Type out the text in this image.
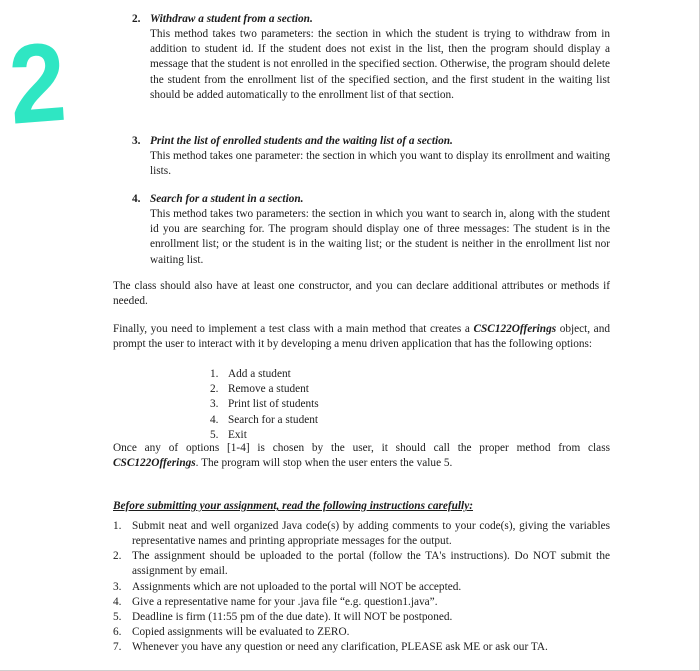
2	2. Withdraw a student from a section.

This method takes two parameters: the section in which the student is trying to withdraw from in addition to student id. If the student does not exist in the list, then the program should display a message that the student is not enrolled in the specified section. Otherwise, the program should delete the student from the enrollment list of the specified section, and the first student in the waiting list should be added automatically to the enrollment list of that section.

3. Print the list of enrolled students and the waiting list of a section.

This method takes one parameter: the section in which you want to display its enrollment and waiting lists.

4. Search for a student in a section.

This method takes two parameters: the section in which you want to search in, along with the student id you are searching for. The program should display one of three messages: The student is in the enrollment list; or the student is in the waiting list; or the student is neither in the enrollment list nor waiting list.

The class should also have at least one constructor, and you can declare additional attributes or methods if needed.

Finally, you need to implement a test class with a main method that creates a CSC122Offerings object, and prompt the user to interact with it by developing a menu driven application that has the following options:

1. Add a student
2. Remove a student
3. Print list of students
4. Search for a student
5. Exit

Once any of options [1-4] is chosen by the user, it should call the proper method from class CSC122Offerings. The program will stop when the user enters the value 5.

Before submitting your assignment, read the following instructions carefully:
1. Submit neat and well organized Java code(s) by adding comments to your code(s), giving the variables representative names and printing appropriate messages for the output.

2. The assignment should be uploaded to the portal (follow the TA's instructions). Do NOT submit the assignment by email.

3. Assignments which are not uploaded to the portal will NOT be accepted.

4. Give a representative name for your .java file “e.g. question1.java”.

5. Deadline is firm (11:55 pm of the due date). It will NOT be postponed.

6. Copied assignments will be evaluated to ZERO.

7. Whenever you have any question or need any clarification, PLEASE ask ME or ask our TA.
